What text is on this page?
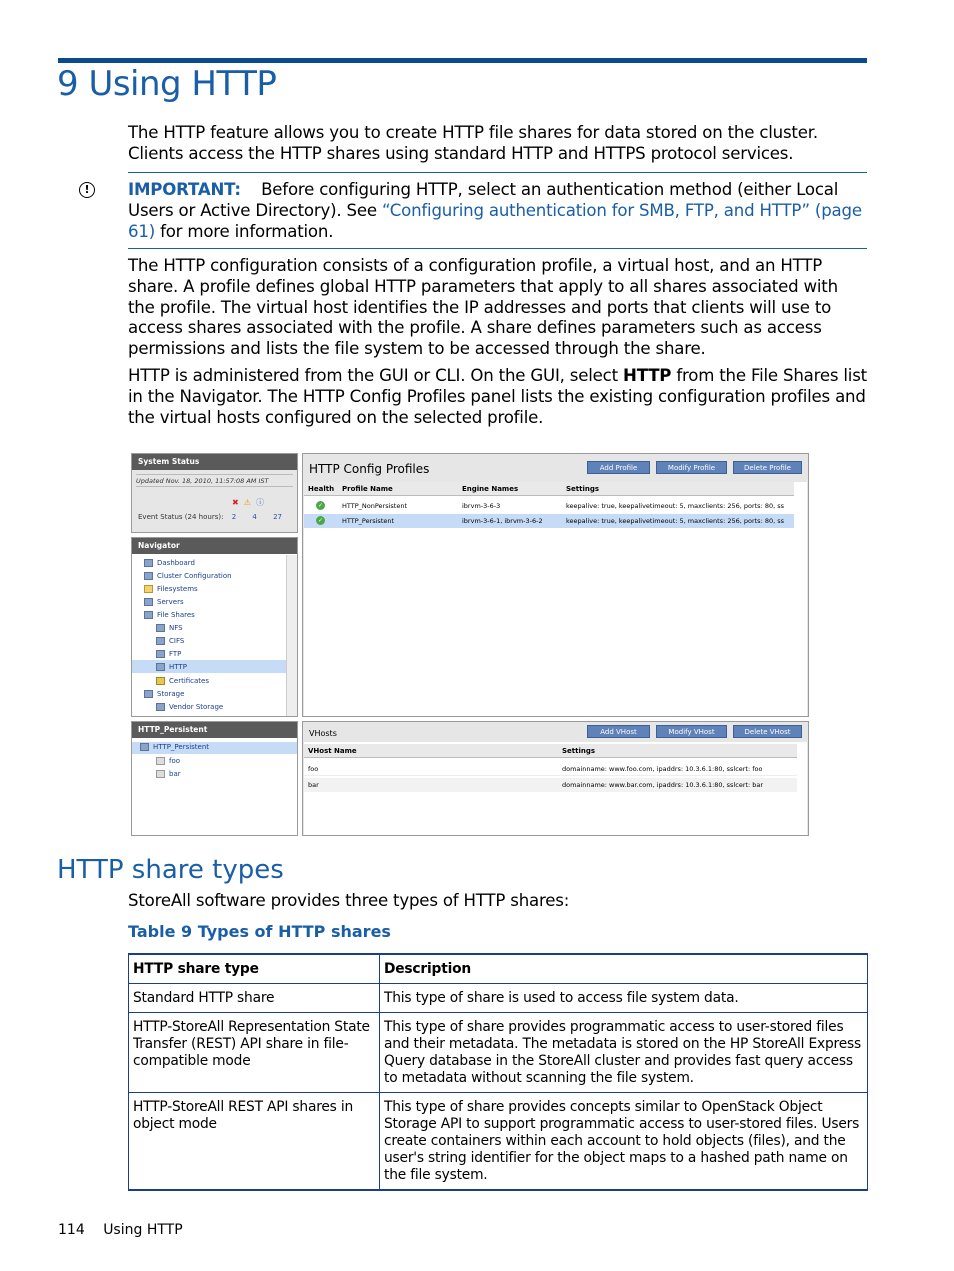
9 Using HTTP

The HTTP feature allows you to create HTTP file shares for data stored on the cluster. Clients access the HTTP shares using standard HTTP and HTTPS protocol services.

!	IMPORTANT: Before configuring HTTP, select an authentication method (either Local Users or Active Directory). See “Configuring authentication for SMB, FTP, and HTTP” (page 61) for more information.

The HTTP configuration consists of a configuration profile, a virtual host, and an HTTP share. A profile defines global HTTP parameters that apply to all shares associated with the profile. The virtual host identifies the IP addresses and ports that clients will use to access shares associated with the profile. A share defines parameters such as access permissions and lists the file system to be accessed through the share.

HTTP is administered from the GUI or CLI. On the GUI, select HTTP from the File Shares list in the Navigator. The HTTP Config Profiles panel lists the existing configuration profiles and the virtual hosts configured on the selected profile.

System Status
Updated Nov. 18, 2010, 11:57:08 AM IST
✖ ⚠ ⓘ
Event Status (24 hours): 2 4 27
Navigator
Dashboard
Cluster Configuration
Filesystems
Servers
File Shares
NFS
CIFS
FTP
HTTP
Certificates
Storage
Vendor Storage
HTTP_Persistent
HTTP_Persistent
foo
bar
HTTP Config Profiles	Add Profile	Modify Profile	Delete Profile
Health Profile Name	Engine Names	Settings
✓	HTTP_NonPersistent	ibrvm-3-6-3	keepalive: true, keepalivetimeout: 5, maxclients: 256, ports: 80, ss
✓	HTTP_Persistent	ibrvm-3-6-1, ibrvm-3-6-2	keepalive: true, keepalivetimeout: 5, maxclients: 256, ports: 80, ss
VHosts	Add VHost	Modify VHost	Delete VHost
VHost Name	Settings
foo	domainname: www.foo.com, ipaddrs: 10.3.6.1:80, sslcert: foo
bar	domainname: www.bar.com, ipaddrs: 10.3.6.1:80, sslcert: bar
HTTP share types

StoreAll software provides three types of HTTP shares:

Table 9 Types of HTTP shares
HTTP share type	Description
Standard HTTP share	This type of share is used to access file system data.
HTTP-StoreAll Representation State Transfer (REST) API share in file-compatible mode	This type of share provides programmatic access to user-stored files and their metadata. The metadata is stored on the HP StoreAll Express Query database in the StoreAll cluster and provides fast query access to metadata without scanning the file system.
HTTP-StoreAll REST API shares in object mode	This type of share provides concepts similar to OpenStack Object Storage API to support programmatic access to user-stored files. Users create containers within each account to hold objects (files), and the user's string identifier for the object maps to a hashed path name on the file system.
114 Using HTTP
